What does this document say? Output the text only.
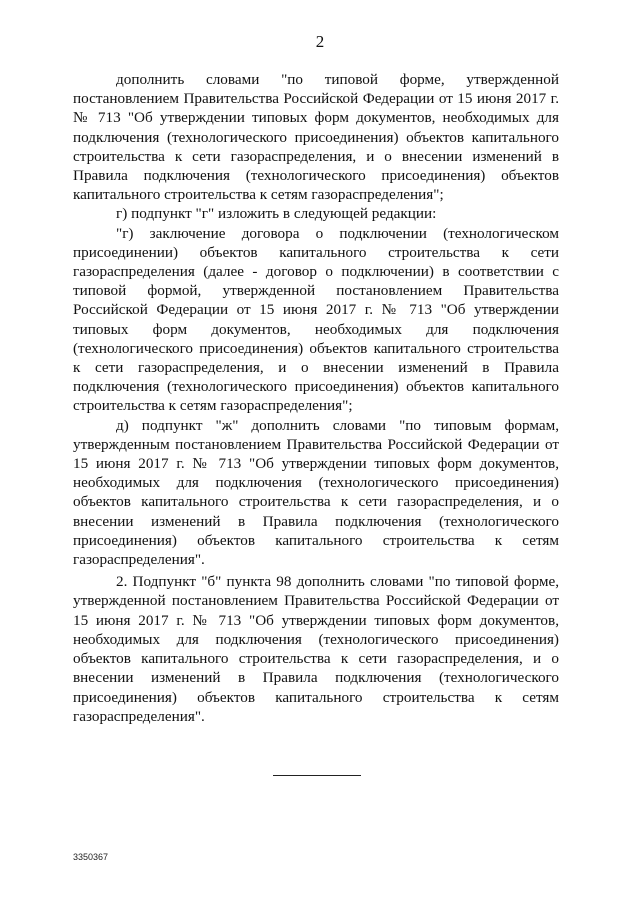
2

дополнить словами "по типовой форме, утвержденной постановлением Правительства Российской Федерации от 15 июня 2017 г. № 713 "Об утверждении типовых форм документов, необходимых для подключения (технологического присоединения) объектов капитального строительства к сети газораспределения, и о внесении изменений в Правила подключения (технологического присоединения) объектов капитального строительства к сетям газораспределения";

г) подпункт "г" изложить в следующей редакции:

"г) заключение договора о подключении (технологическом присоединении) объектов капитального строительства к сети газораспределения (далее - договор о подключении) в соответствии с типовой формой, утвержденной постановлением Правительства Российской Федерации от 15 июня 2017 г. № 713 "Об утверждении типовых форм документов, необходимых для подключения (технологического присоединения) объектов капитального строительства к сети газораспределения, и о внесении изменений в Правила подключения (технологического присоединения) объектов капитального строительства к сетям газораспределения";

д) подпункт "ж" дополнить словами "по типовым формам, утвержденным постановлением Правительства Российской Федерации от 15 июня 2017 г. № 713 "Об утверждении типовых форм документов, необходимых для подключения (технологического присоединения) объектов капитального строительства к сети газораспределения, и о внесении изменений в Правила подключения (технологического присоединения) объектов капитального строительства к сетям газораспределения".

2. Подпункт "б" пункта 98 дополнить словами "по типовой форме, утвержденной постановлением Правительства Российской Федерации от 15 июня 2017 г. № 713 "Об утверждении типовых форм документов, необходимых для подключения (технологического присоединения) объектов капитального строительства к сети газораспределения, и о внесении изменений в Правила подключения (технологического присоединения) объектов капитального строительства к сетям газораспределения".

3350367
